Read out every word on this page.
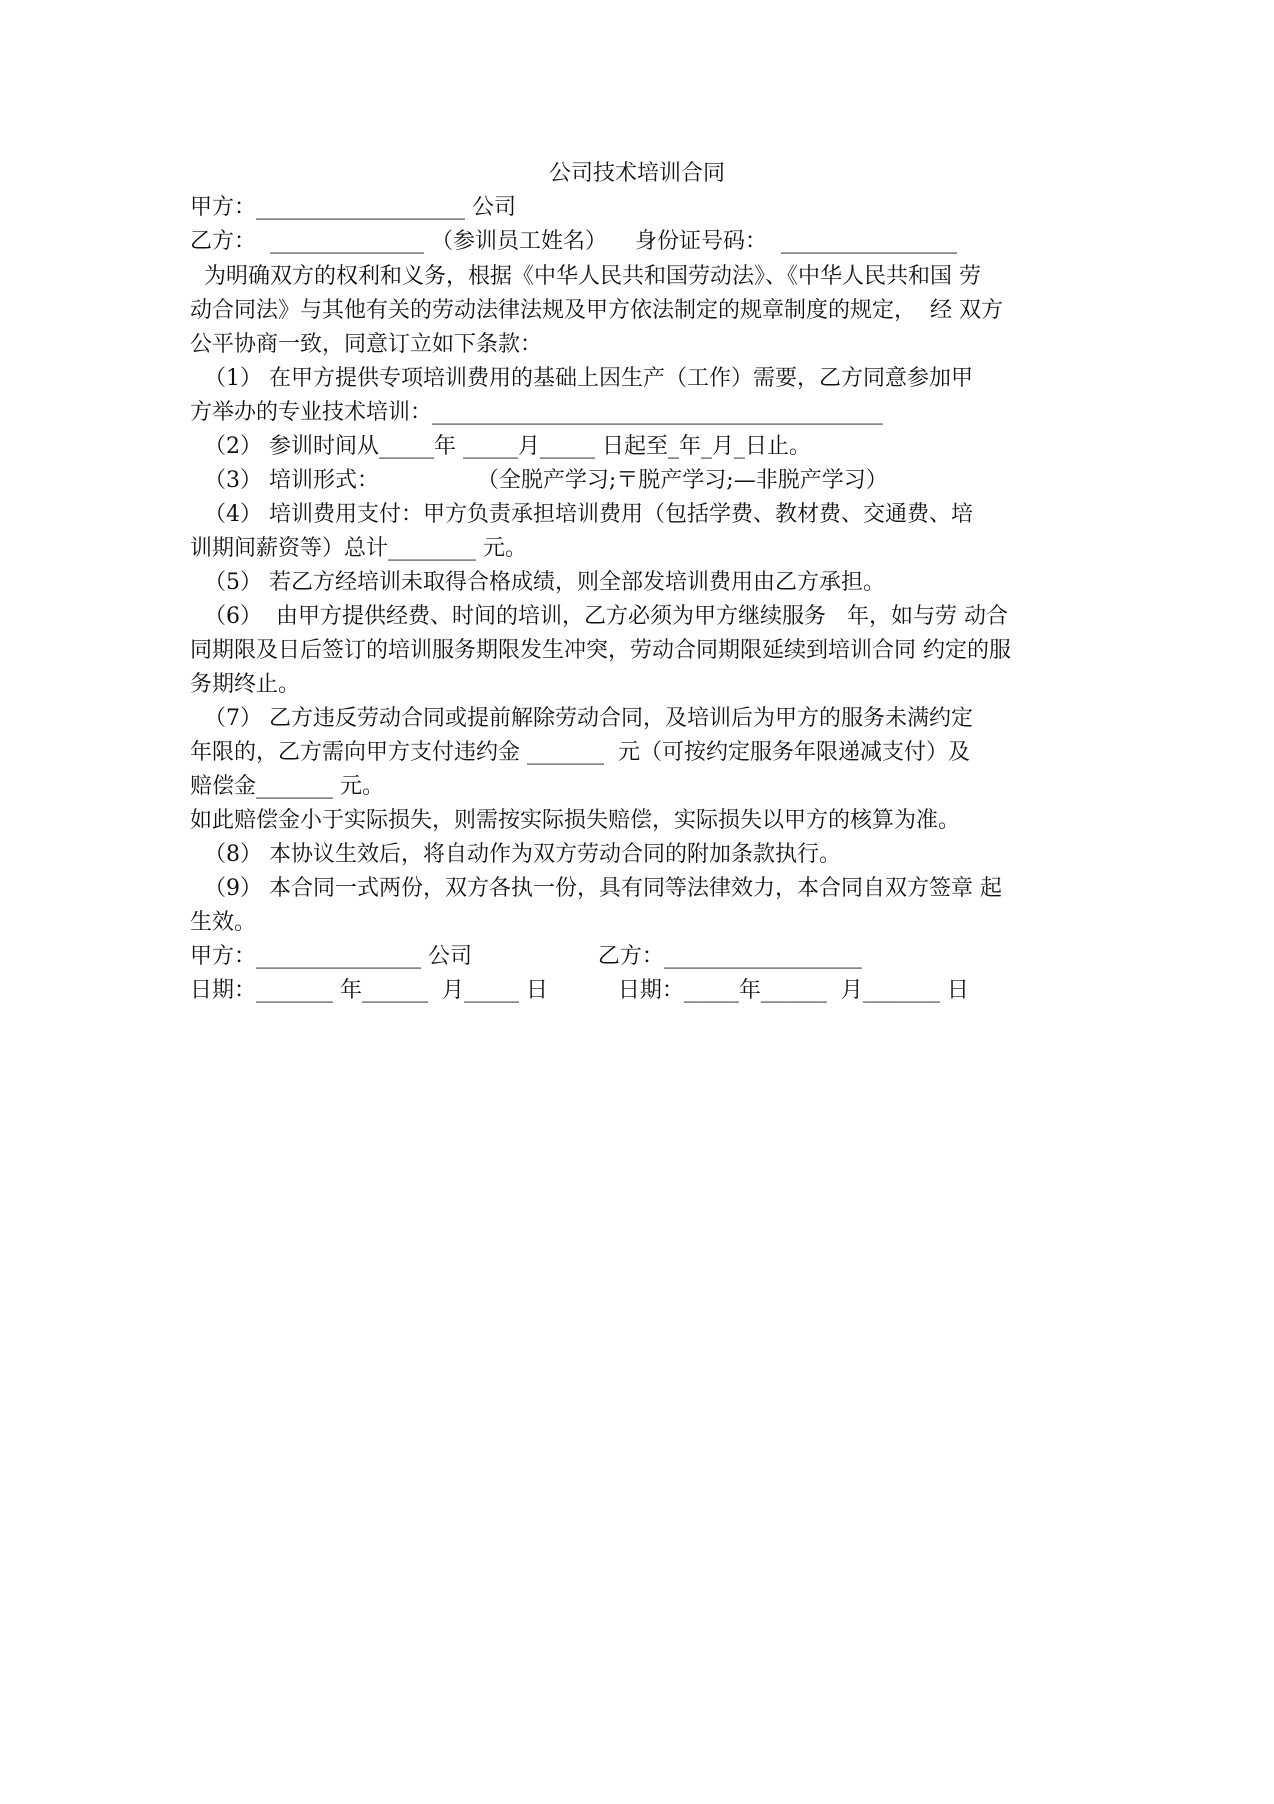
公司技术培训合同
甲方：___________________ 公司
乙方：  ______________ （参训员工姓名）    身份证号码：  ________________
为明确双方的权利和义务，根据《中华人民共和国劳动法》、《中华人民共和国 劳
动合同法》与其他有关的劳动法律法规及甲方依法制定的规章制度的规定，  经 双方
公平协商一致，同意订立如下条款：
（1） 在甲方提供专项培训费用的基础上因生产（工作）需要，乙方同意参加甲
方举办的专业技术培训：_________________________________________
（2） 参训时间从_____年 _____月_____ 日起至_年_月_日止。
（3） 培训形式：              （全脱产学习;〒脱产学习;—非脱产学习）
（4） 培训费用支付：甲方负责承担培训费用（包括学费、教材费、交通费、培
训期间薪资等）总计________ 元。
（5） 若乙方经培训未取得合格成绩，则全部发培训费用由乙方承担。
（6）  由甲方提供经费、时间的培训，乙方必须为甲方继续服务   年，如与劳 动合
同期限及日后签订的培训服务期限发生冲突，劳动合同期限延续到培训合同 约定的服
务期终止。
（7） 乙方违反劳动合同或提前解除劳动合同，及培训后为甲方的服务未满约定
年限的，乙方需向甲方支付违约金 _______  元（可按约定服务年限递减支付）及
赔偿金_______ 元。
如此赔偿金小于实际损失，则需按实际损失赔偿，实际损失以甲方的核算为准。
（8） 本协议生效后，将自动作为双方劳动合同的附加条款执行。
（9） 本合同一式两份，双方各执一份，具有同等法律效力，本合同自双方签章 起
生效。
甲方：_______________ 公司                  乙方：__________________
日期：_______ 年______  月_____ 日          日期：_____年______  月_______ 日
